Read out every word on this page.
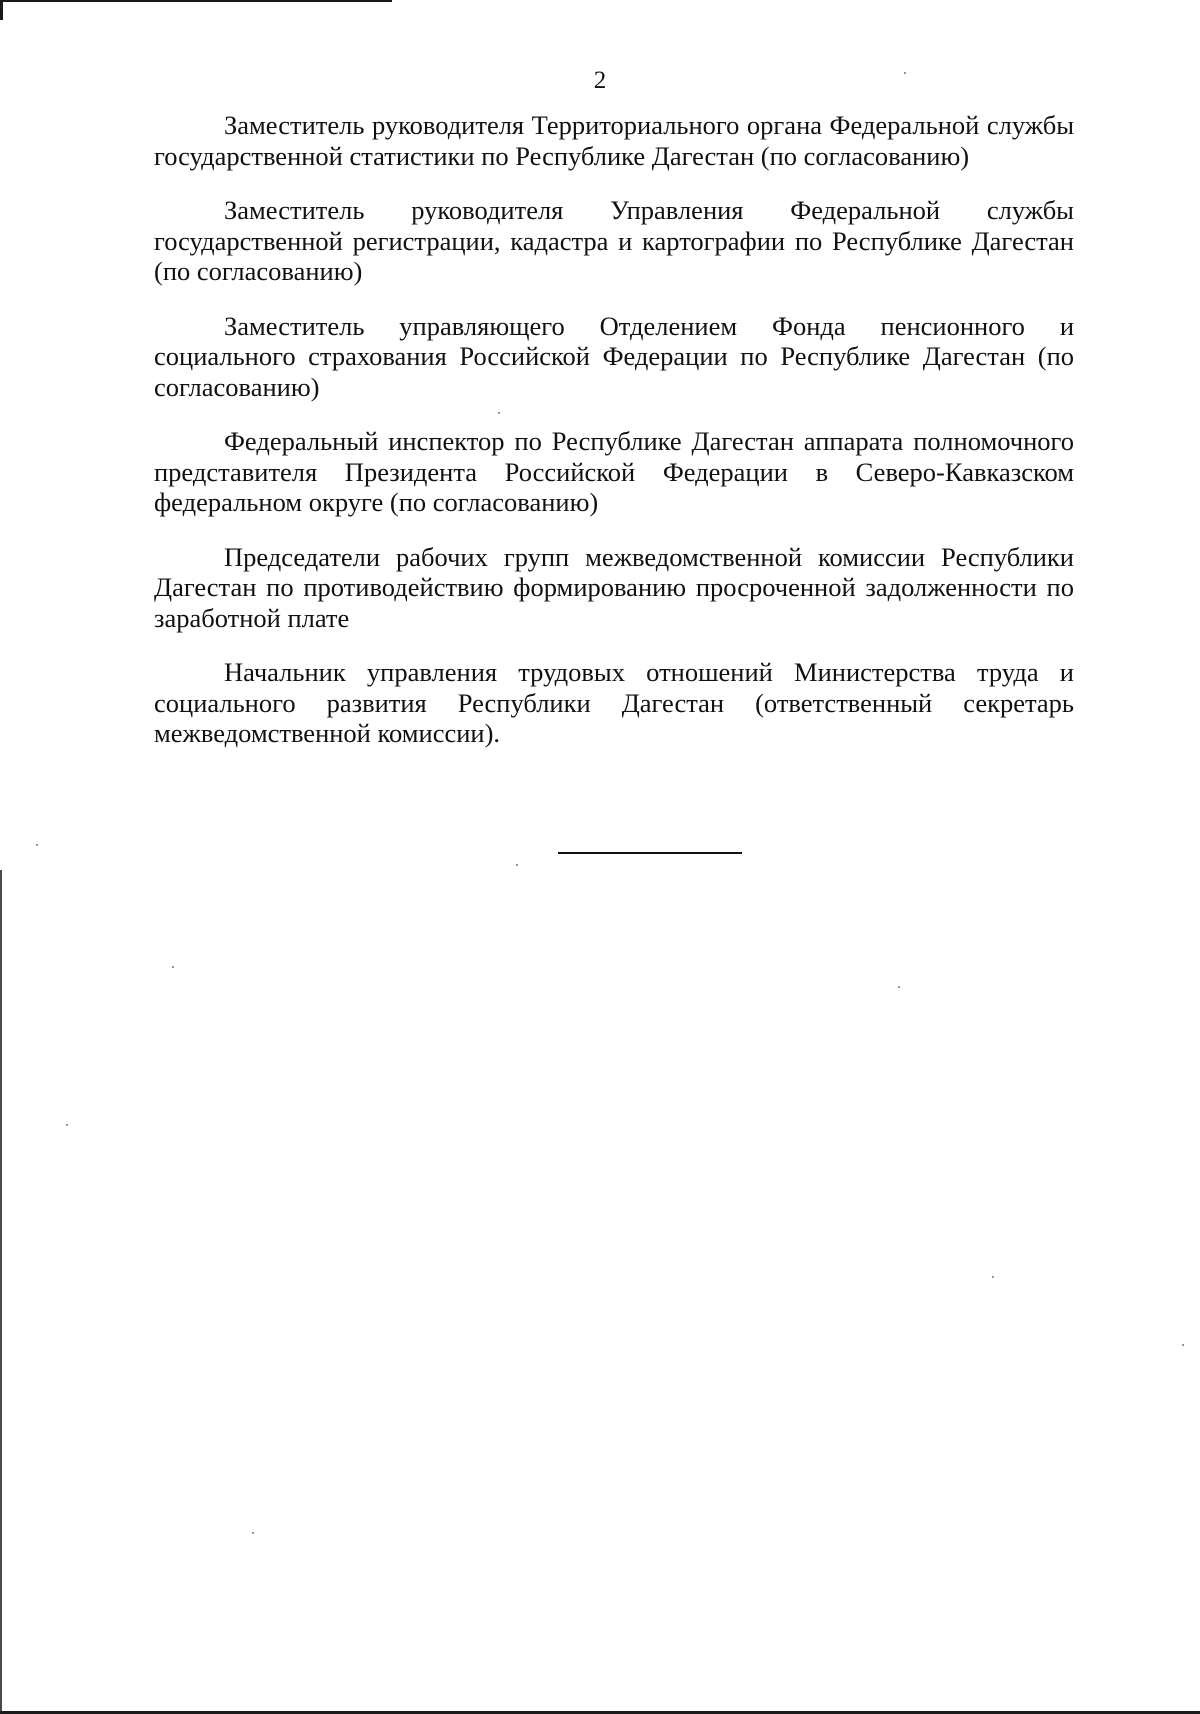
2

Заместитель руководителя Территориального органа Федеральной службы государственной статистики по Республике Дагестан (по согласованию)

Заместитель руководителя Управления Федеральной службы государственной регистрации, кадастра и картографии по Республике Дагестан (по согласованию)

Заместитель управляющего Отделением Фонда пенсионного и социального страхования Российской Федерации по Республике Дагестан (по согласованию)

Федеральный инспектор по Республике Дагестан аппарата полномочного представителя Президента Российской Федерации в Северо-Кавказском федеральном округе (по согласованию)

Председатели рабочих групп межведомственной комиссии Республики Дагестан по противодействию формированию просроченной задолженности по заработной плате

Начальник управления трудовых отношений Министерства труда и социального развития Республики Дагестан (ответственный секретарь межведомственной комиссии).
